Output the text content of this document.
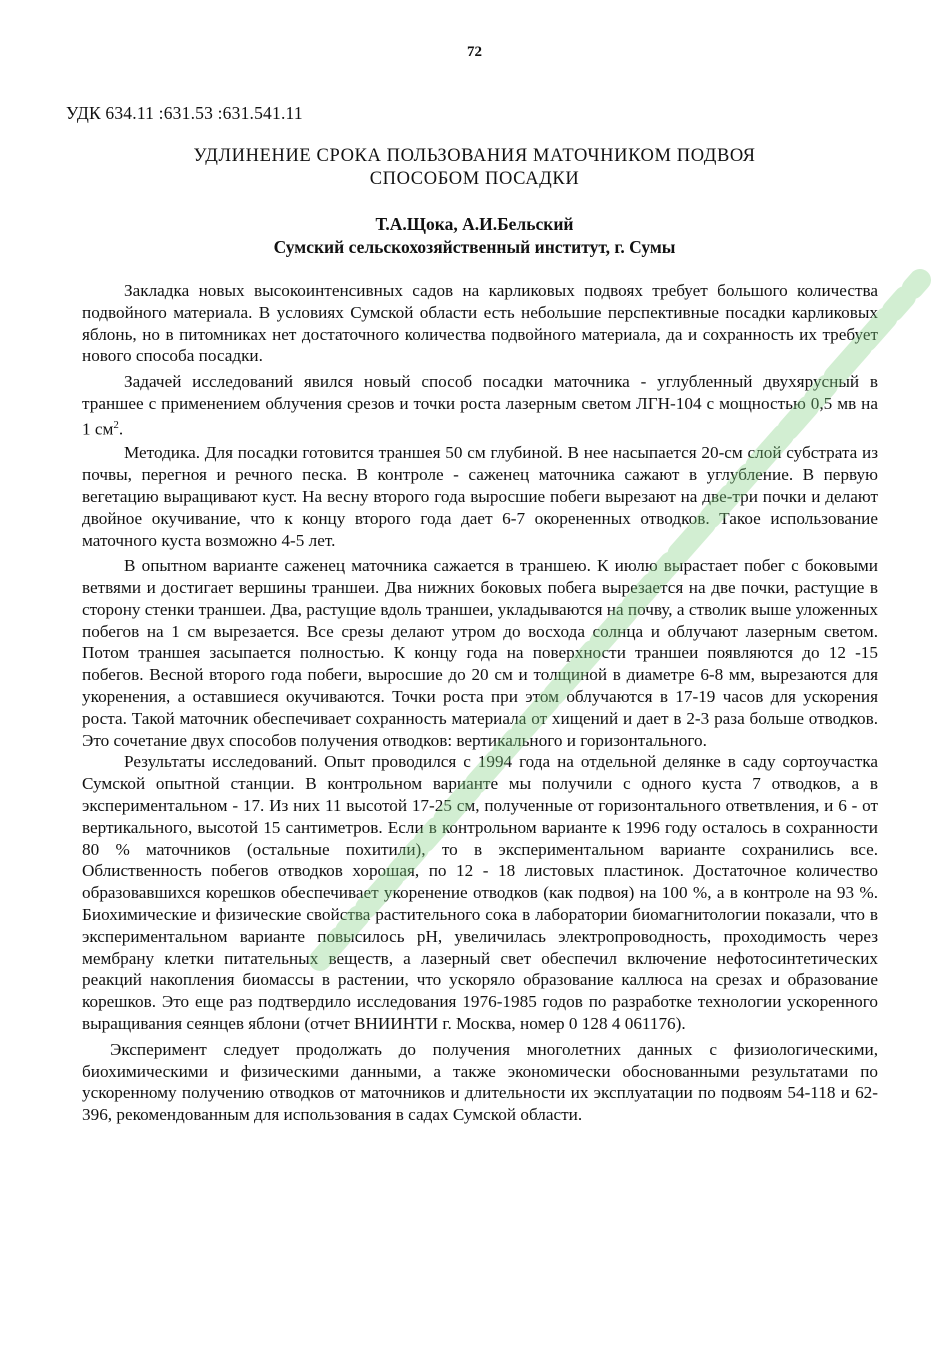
72
УДК 634.11 :631.53 :631.541.11
УДЛИНЕНИЕ СРОКА ПОЛЬЗОВАНИЯ МАТОЧНИКОМ ПОДВОЯ
СПОСОБОМ ПОСАДКИ
Т.А.Щока, А.И.Бельский
Сумский сельскохозяйственный институт, г. Сумы

Закладка новых высокоинтенсивных садов на карликовых подвоях требует большого количества подвойного материала. В условиях Сумской области есть небольшие перспективные посадки карликовых яблонь, но в питомниках нет достаточного количества подвойного материала, да и сохранность их требует нового способа посадки.

Задачей исследований явился новый способ посадки маточника - углубленный двухярусный в траншее с применением облучения срезов и точки роста лазерным светом ЛГН-104 с мощностью 0,5 мв на 1 $см^2$.

Методика. Для посадки готовится траншея 50 см глубиной. В нее насыпается 20-см слой субстрата из почвы, перегноя и речного песка. В контроле - саженец маточника сажают в углубление. В первую вегетацию выращивают куст. На весну второго года выросшие побеги вырезают на две-три почки и делают двойное окучивание, что к концу второго года дает 6-7 окорененных отводков. Такое использование маточного куста возможно 4-5 лет.

В опытном варианте саженец маточника сажается в траншею. К июлю вырастает побег с боковыми ветвями и достигает вершины траншеи. Два нижних боковых побега вырезается на две почки, растущие в сторону стенки траншеи. Два, растущие вдоль траншеи, укладываются на почву, а стволик выше уложенных побегов на 1 см вырезается. Все срезы делают утром до восхода солнца и облучают лазерным светом. Потом траншея засыпается полностью. К концу года на поверхности траншеи появляются до 12 -15 побегов. Весной второго года побеги, выросшие до 20 см и толщиной в диаметре 6-8 мм, вырезаются для укоренения, а оставшиеся окучиваются. Точки роста при этом облучаются в 17-19 часов для ускорения роста. Такой маточник обеспечивает сохранность материала от хищений и дает в 2-3 раза больше отводков. Это сочетание двух способов получения отводков: вертикального и горизонтального.

Результаты исследований. Опыт проводился с 1994 года на отдельной делянке в саду сортоучастка Сумской опытной станции. В контрольном варианте мы получили с одного куста 7 отводков, а в экспериментальном - 17. Из них 11 высотой 17-25 см, полученные от горизонтального ответвления, и 6 - от вертикального, высотой 15 сантиметров. Если в контрольном варианте к 1996 году осталось в сохранности 80 % маточников (остальные похитили), то в экспериментальном варианте сохранились все. Облиственность побегов отводков хорошая, по 12 - 18 листовых пластинок. Достаточное количество образовавшихся корешков обеспечивает укоренение отводков (как подвоя) на 100 %, а в контроле на 93 %. Биохимические и физические свойства растительного сока в лаборатории биомагнитологии показали, что в экспериментальном варианте повысилось pH, увеличилась электропроводность, проходимость через мембрану клетки питательных веществ, а лазерный свет обеспечил включение нефотосинтетических реакций накопления биомассы в растении, что ускоряло образование каллюса на срезах и образование корешков. Это еще раз подтвердило исследования 1976-1985 годов по разработке технологии ускоренного выращивания сеянцев яблони (отчет ВНИИНТИ г. Москва, номер 0 128 4 061176).

Эксперимент следует продолжать до получения многолетних данных с физиологическими, биохимическими и физическими данными, а также экономически обоснованными результатами по ускоренному получению отводков от маточников и длительности их эксплуатации по подвоям 54-118 и 62-396, рекомендованным для использования в садах Сумской области.
